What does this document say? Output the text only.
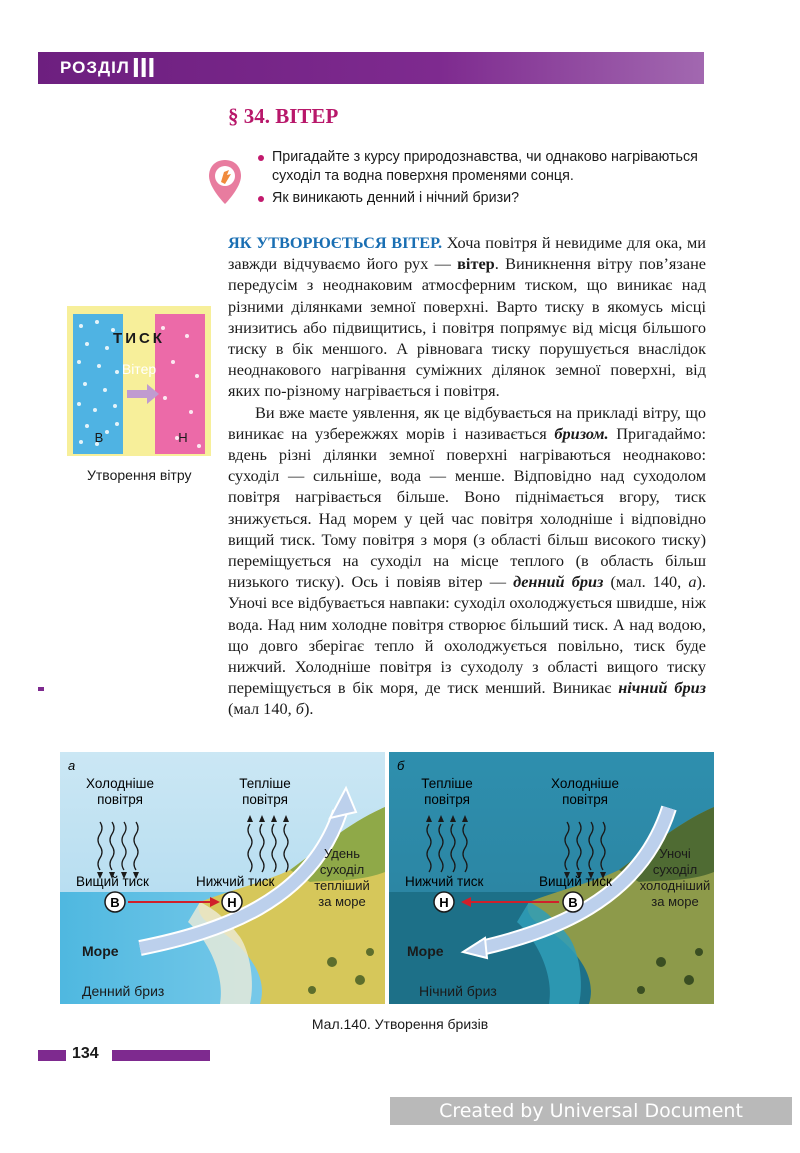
РОЗДІЛ III
§ 34. ВІТЕР
Пригадайте з курсу природознавства, чи однаково нагріваються суходіл та водна поверхня променями сонця.
Як виникають денний і нічний бризи?

ЯК УТВОРЮЄТЬСЯ ВІТЕР. Хоча повітря й невидиме для ока, ми завжди відчуваємо його рух — вітер. Виникнення вітру пов’язане передусім з неоднаковим атмосферним тиском, що виникає над різними ділянками земної поверхні. Варто тиску в якомусь місці знизитись або підвищитись, і повітря попрямує від місця більшого тиску в бік меншого. А рівновага тиску порушується внаслідок неоднакового нагрівання суміжних ділянок земної поверхні, від яких по-різному нагрівається і повітря.

Ви вже маєте уявлення, як це відбувається на прикладі вітру, що виникає на узбережжях морів і називається бризом. Пригадаймо: вдень різні ділянки земної поверхні нагріваються неоднаково: суходіл — сильніше, вода — менше. Відповідно над суходолом повітря нагрівається більше. Воно піднімається вгору, тиск знижується. Над морем у цей час повітря холодніше і відповідно вищий тиск. Тому повітря з моря (з області більш високого тиску) переміщується на суходіл на місце теплого (в область більш низького тиску). Ось і повіяв вітер — денний бриз (мал. 140, а). Уночі все відбувається навпаки: суходіл охолоджується швидше, ніж вода. Над ним холодне повітря створює більший тиск. А над водою, що довго зберігає тепло й охолоджується повільно, тиск буде нижчий. Холодніше повітря із суходолу з області вищого тиску переміщується в бік моря, де тиск менший. Виникає нічний бриз (мал 140, б).

ТИСК
Вітер
В	Н
Утворення вітру
В	Н
а
Холодніше
повітря
Тепліше
повітря
Вищий тиск	Нижчий тиск
Удень
суходіл
тепліший
за море
Море
Денний бриз
Н	В
б
Тепліше
повітря
Холодніше
повітря
Нижчий тиск	Вищий тиск
Уночі
суходіл
холодніший
за море
Море
Нічний бриз
Мал.140. Утворення бризів
134
Created by Universal Document Converter
